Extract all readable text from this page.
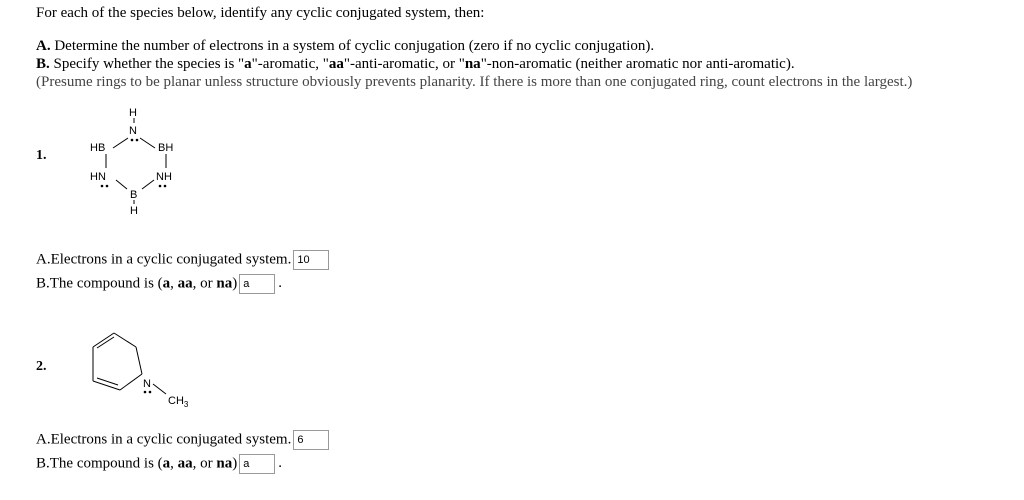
For each of the species below, identify any cyclic conjugated system, then:
A. Determine the number of electrons in a system of cyclic conjugation (zero if no cyclic conjugation).
B. Specify whether the species is "a"-aromatic, "aa"-anti-aromatic, or "na"-non-aromatic (neither aromatic nor anti-aromatic).
(Presume rings to be planar unless structure obviously prevents planarity. If there is more than one conjugated ring, count electrons in the largest.)
1.
H
N
HB	BH
HN	NH
B
H
A.Electrons in a cyclic conjugated system. 10
B.The compound is (a, aa, or na) a .
2.
N
$CH_3$
A.Electrons in a cyclic conjugated system. 6
B.The compound is (a, aa, or na) a .
